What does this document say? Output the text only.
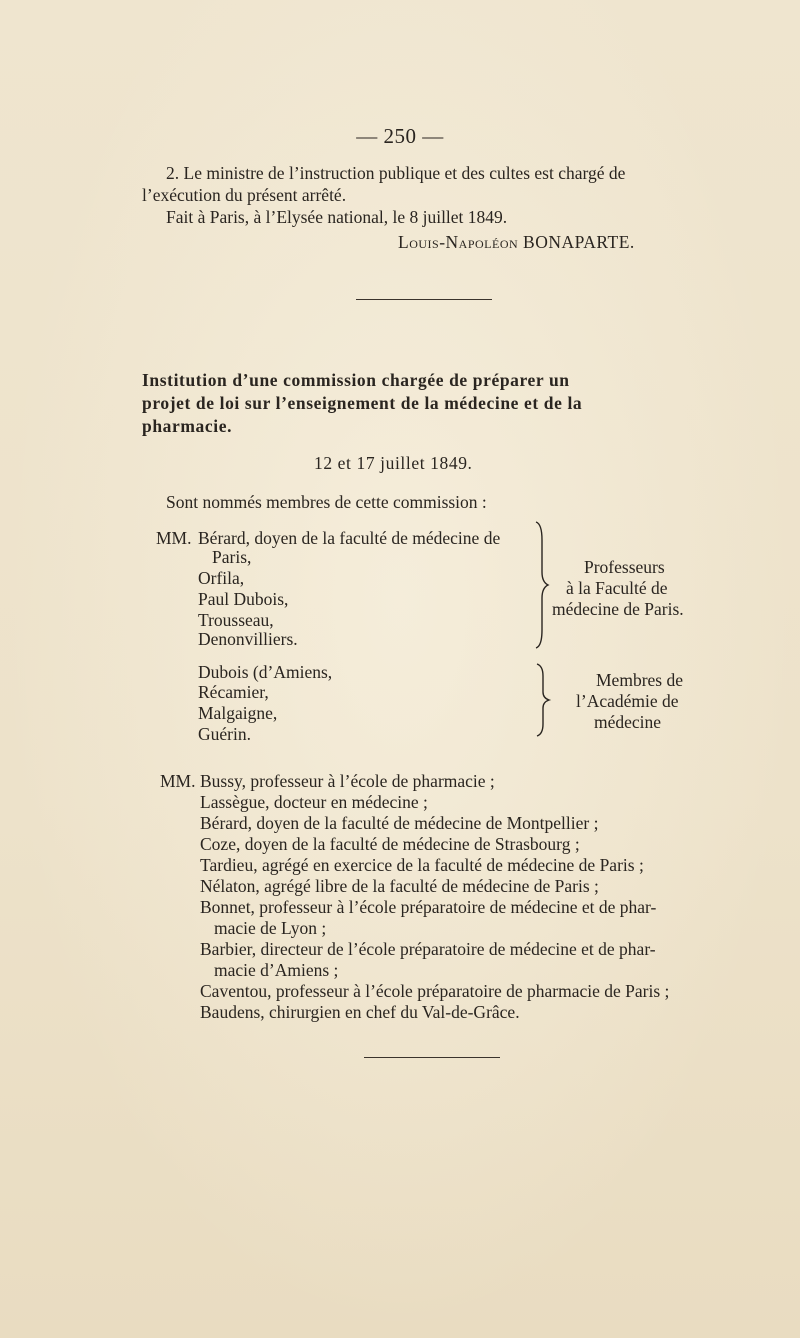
— 250 —
2. Le ministre de l’instruction publique et des cultes est chargé de
l’exécution du présent arrêté.
Fait à Paris, à l’Elysée national, le 8 juillet 1849.
Louis-Napoléon BONAPARTE.
Institution d’une commission chargée de préparer un
projet de loi sur l’enseignement de la médecine et de la
pharmacie.
12 et 17 juillet 1849.
Sont nommés membres de cette commission :
MM. Bérard, doyen de la faculté de médecine de
Paris,
Orfila,
Paul Dubois,
Trousseau,
Denonvilliers.
Professeurs
à la Faculté de
médecine de Paris.
Dubois (d’Amiens,
Récamier,
Malgaigne,
Guérin.
Membres de
l’Académie de
médecine
MM. Bussy, professeur à l’école de pharmacie ;
Lassègue, docteur en médecine ;
Bérard, doyen de la faculté de médecine de Montpellier ;
Coze, doyen de la faculté de médecine de Strasbourg ;
Tardieu, agrégé en exercice de la faculté de médecine de Paris ;
Nélaton, agrégé libre de la faculté de médecine de Paris ;
Bonnet, professeur à l’école préparatoire de médecine et de phar-
macie de Lyon ;
Barbier, directeur de l’école préparatoire de médecine et de phar-
macie d’Amiens ;
Caventou, professeur à l’école préparatoire de pharmacie de Paris ;
Baudens, chirurgien en chef du Val-de-Grâce.
